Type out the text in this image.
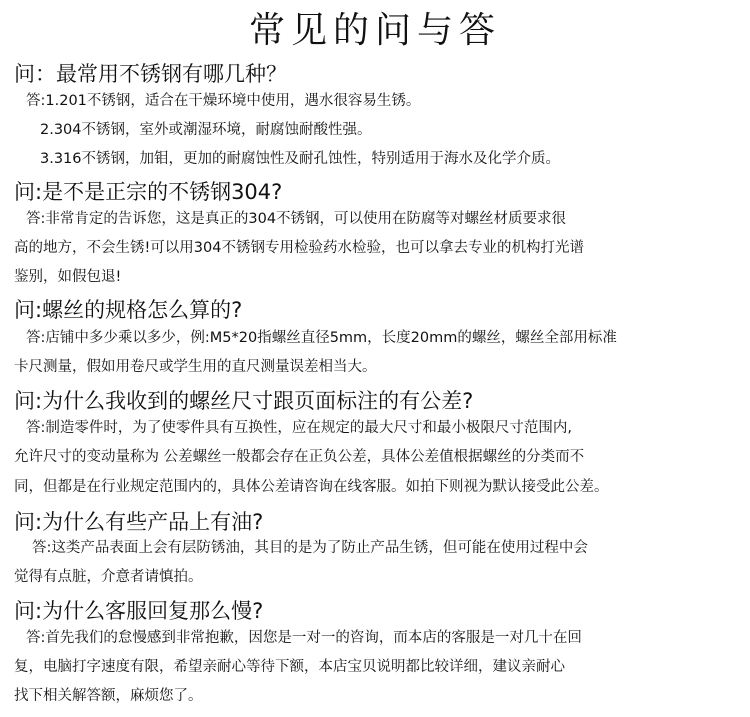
常见的问与答
问：最常用不锈钢有哪几种？

答:1.201不锈钢，适合在干燥环境中使用，遇水很容易生锈。

2.304不锈钢，室外或潮湿环境，耐腐蚀耐酸性强。

3.316不锈钢，加钼，更加的耐腐蚀性及耐孔蚀性，特别适用于海水及化学介质。

问:是不是正宗的不锈钢304?

答:非常肯定的告诉您，这是真正的304不锈钢，可以使用在防腐等对螺丝材质要求很

高的地方，不会生锈!可以用304不锈钢专用检验药水检验，也可以拿去专业的机构打光谱

鉴别，如假包退!

问:螺丝的规格怎么算的?

答:店铺中多少乘以多少，例:M5*20指螺丝直径5mm，长度20mm的螺丝，螺丝全部用标准

卡尺测量，假如用卷尺或学生用的直尺测量误差相当大。

问:为什么我收到的螺丝尺寸跟页面标注的有公差?

答:制造零件时，为了使零件具有互换性，应在规定的最大尺寸和最小极限尺寸范围内,

允许尺寸的变动量称为 公差螺丝一般都会存在正负公差，具体公差值根据螺丝的分类而不

同，但都是在行业规定范围内的，具体公差请咨询在线客服。如拍下则视为默认接受此公差。

问:为什么有些产品上有油?

答:这类产品表面上会有层防锈油，其目的是为了防止产品生锈，但可能在使用过程中会

觉得有点脏，介意者请慎拍。

问:为什么客服回复那么慢?

答:首先我们的怠慢感到非常抱歉，因您是一对一的咨询，而本店的客服是一对几十在回

复，电脑打字速度有限，希望亲耐心等待下额，本店宝贝说明都比较详细，建议亲耐心

找下相关解答额，麻烦您了。
